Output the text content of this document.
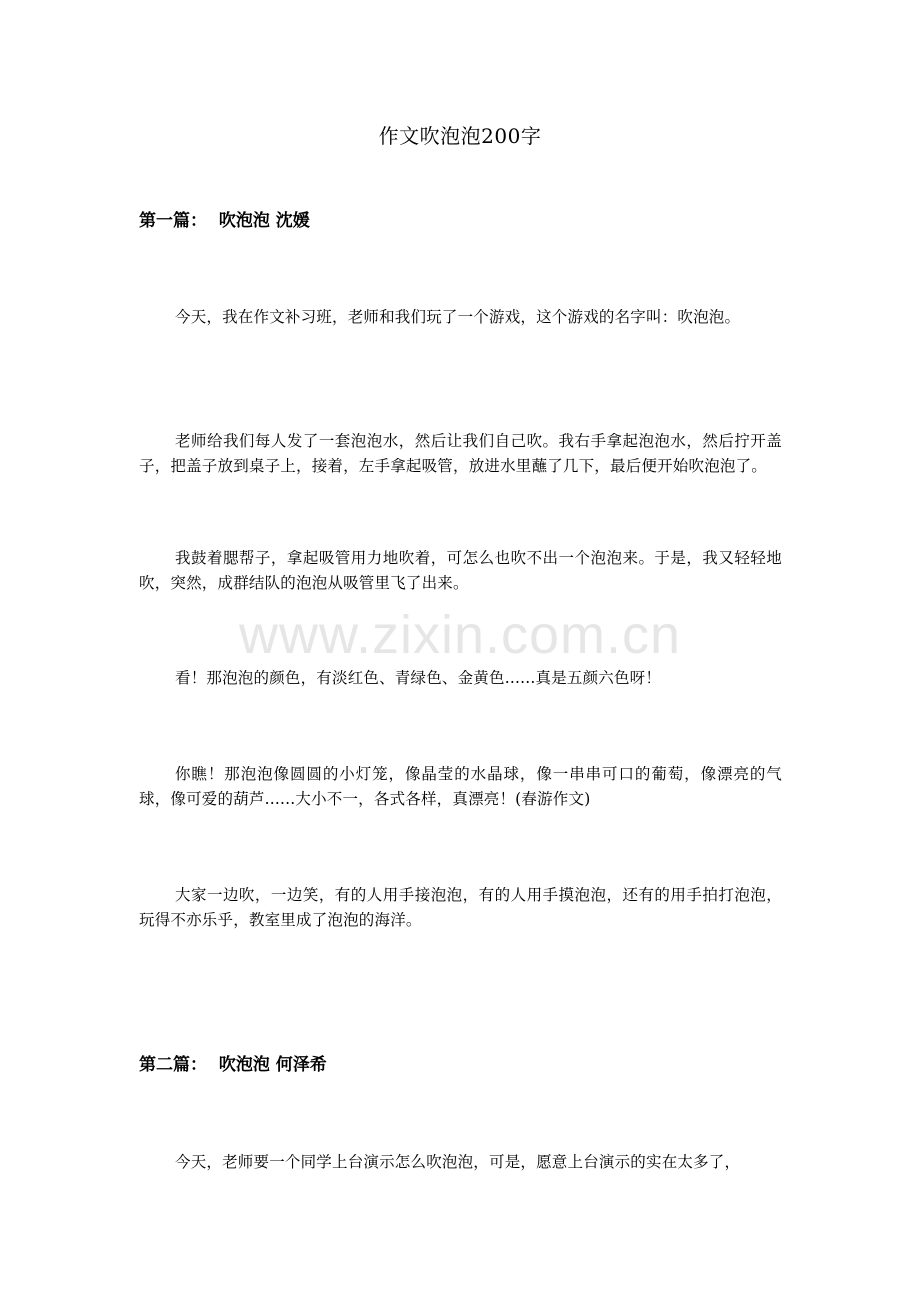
www.zixin.com.cn
作文吹泡泡200字
第一篇：  吹泡泡 沈媛
今天，我在作文补习班，老师和我们玩了一个游戏，这个游戏的名字叫：吹泡泡。
老师给我们每人发了一套泡泡水，然后让我们自己吹。我右手拿起泡泡水，然后拧开盖子，把盖子放到桌子上，接着，左手拿起吸管，放进水里蘸了几下，最后便开始吹泡泡了。
我鼓着腮帮子，拿起吸管用力地吹着，可怎么也吹不出一个泡泡来。于是，我又轻轻地吹，突然，成群结队的泡泡从吸管里飞了出来。
看！那泡泡的颜色，有淡红色、青绿色、金黄色......真是五颜六色呀！
你瞧！那泡泡像圆圆的小灯笼，像晶莹的水晶球，像一串串可口的葡萄，像漂亮的气球，像可爱的葫芦......大小不一，各式各样，真漂亮！(春游作文)
大家一边吹，一边笑，有的人用手接泡泡，有的人用手摸泡泡，还有的用手拍打泡泡，玩得不亦乐乎，教室里成了泡泡的海洋。
第二篇：  吹泡泡 何泽希
今天，老师要一个同学上台演示怎么吹泡泡，可是，愿意上台演示的实在太多了，
